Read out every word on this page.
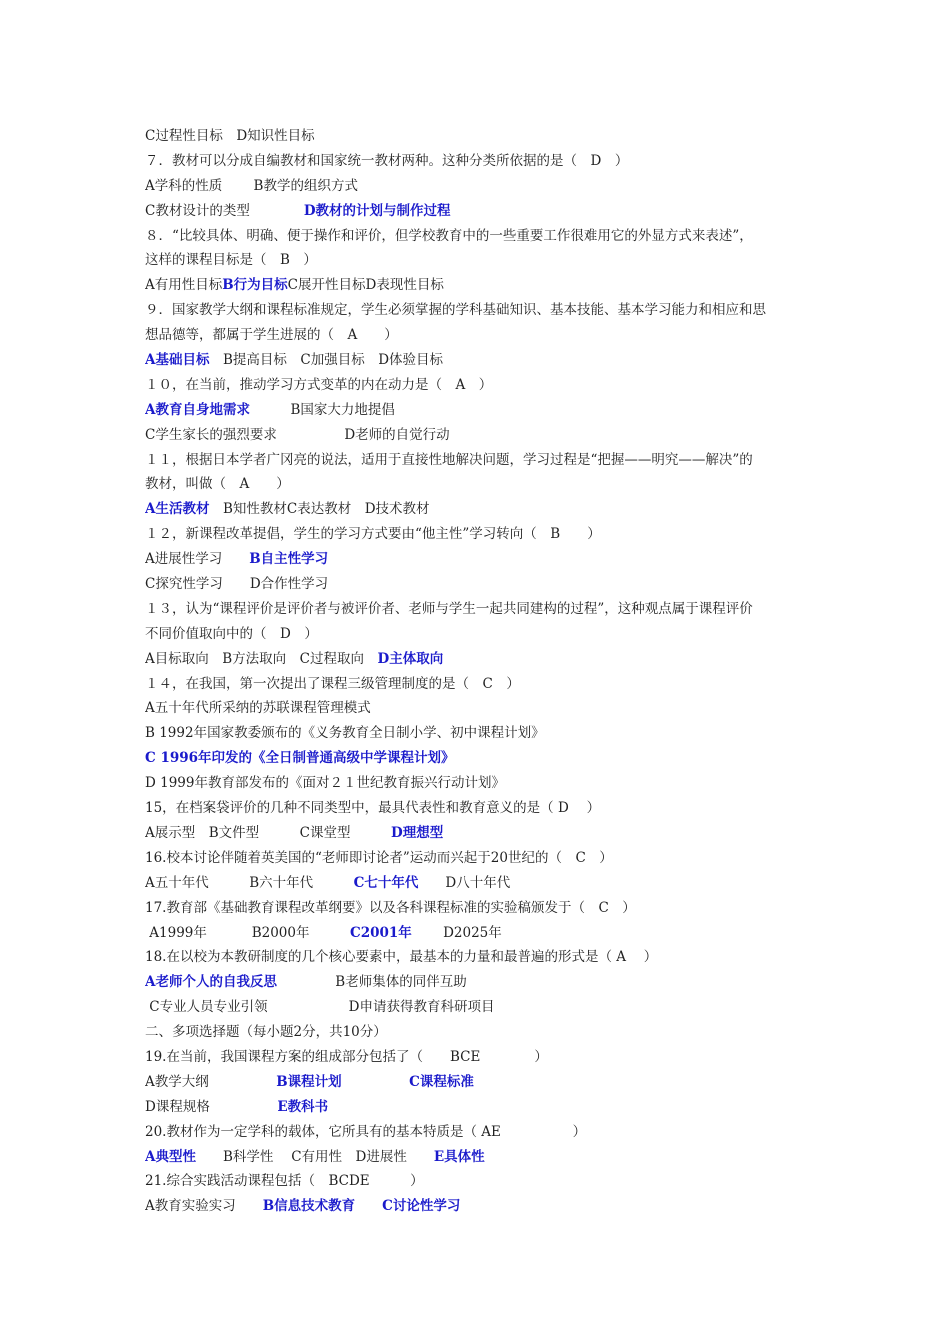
C过程性目标　D知识性目标
７．教材可以分成自编教材和国家统一教材两种。这种分类所依据的是（　D　）
A学科的性质　　 B教学的组织方式
C教材设计的类型　　　　D教材的计划与制作过程
８．“比较具体、明确、便于操作和评价，但学校教育中的一些重要工作很难用它的外显方式来表述”，
这样的课程目标是（　B　）
A有用性目标B行为目标C展开性目标D表现性目标
９．国家教学大纲和课程标准规定，学生必须掌握的学科基础知识、基本技能、基本学习能力和相应和思
想品德等，都属于学生进展的（　A　　）
A基础目标　B提高目标　C加强目标　D体验目标
１０，在当前，推动学习方式变革的内在动力是（　A　）
A教育自身地需求　　　B国家大力地提倡
C学生家长的强烈要求　　　　　D老师的自觉行动
１１，根据日本学者广冈亮的说法，适用于直接性地解决问题，学习过程是“把握——明究——解决”的
教材，叫做（　A　　）
A生活教材　B知性教材C表达教材　D技术教材
１２，新课程改革提倡，学生的学习方式要由“他主性”学习转向（　B　　）
A进展性学习　　B自主性学习
C探究性学习　　D合作性学习
１３，认为“课程评价是评价者与被评价者、老师与学生一起共同建构的过程”，这种观点属于课程评价
不同价值取向中的（　D　）
A目标取向　B方法取向　C过程取向　D主体取向
１４，在我国，第一次提出了课程三级管理制度的是（　C　）
A五十年代所采纳的苏联课程管理模式
B 1992年国家教委颁布的《义务教育全日制小学、初中课程计划》
C 1996年印发的《全日制普通高级中学课程计划》
D 1999年教育部发布的《面对２１世纪教育振兴行动计划》
15，在档案袋评价的几种不同类型中，最具代表性和教育意义的是（ D　 ）
A展示型　B文件型　　　C课堂型　　　D理想型
16.校本讨论伴随着英美国的“老师即讨论者”运动而兴起于20世纪的（　C　）
A五十年代　　　B六十年代　　　C七十年代　　D八十年代
17.教育部《基础教育课程改革纲要》以及各科课程标准的实验稿颁发于（　C　）
A1999年　　　 B2000年　　　C2001年　　 D2025年
18.在以校为本教研制度的几个核心要素中，最基本的力量和最普遍的形式是（ A　 ）
A老师个人的自我反思　　　　 B老师集体的同伴互助
C专业人员专业引领　　　　　　D申请获得教育科研项目
二、多项选择题（每小题2分，共10分）
19.在当前，我国课程方案的组成部分包括了（　　BCE　　　　）
A教学大纲　　　　　B课程计划　　　　　	C课程标准
D课程规格　　　　　E教科书
20.教材作为一定学科的载体，它所具有的基本特质是（ AE　　　　　 ）
A典型性　　B科学性　 C有用性　D进展性　　E具体性
21.综合实践活动课程包括（　BCDE　　　）
A教育实验实习　　B信息技术教育　　 C讨论性学习
